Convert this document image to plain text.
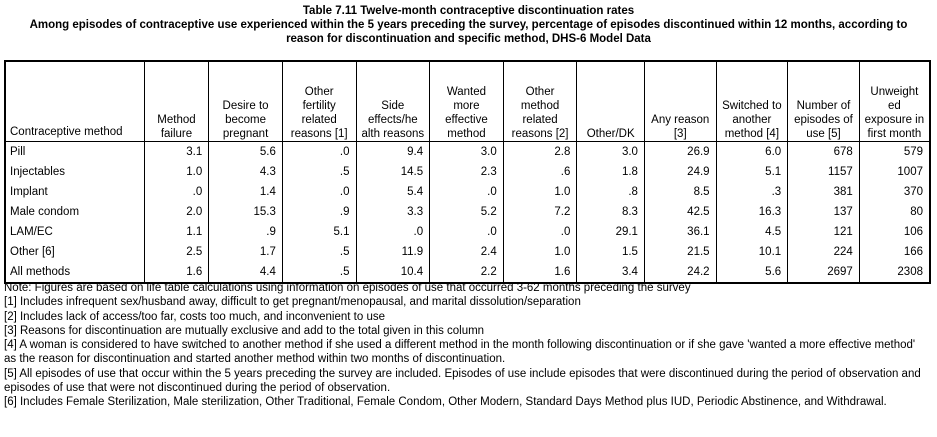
Table 7.11 Twelve-month contraceptive discontinuation rates
Among episodes of contraceptive use experienced within the 5 years preceding the survey, percentage of episodes discontinued within 12 months, according to
reason for discontinuation and specific method, DHS-6 Model Data
Contraceptive method	Method failure	Desire to become pregnant	Other fertility related reasons [1]	Side effects/he alth reasons	Wanted more effective method	Other method related reasons [2]	Other/DK	Any reason [3]	Switched to another method [4]	Number of episodes of use [5]	Unweight ed exposure in first month
Pill	3.1	5.6	.0	9.4	3.0	2.8	3.0	26.9	6.0	678	579
Injectables	1.0	4.3	.5	14.5	2.3	.6	1.8	24.9	5.1	1157	1007
Implant	.0	1.4	.0	5.4	.0	1.0	.8	8.5	.3	381	370
Male condom	2.0	15.3	.9	3.3	5.2	7.2	8.3	42.5	16.3	137	80
LAM/EC	1.1	.9	5.1	.0	.0	.0	29.1	36.1	4.5	121	106
Other [6]	2.5	1.7	.5	11.9	2.4	1.0	1.5	21.5	10.1	224	166
All methods	1.6	4.4	.5	10.4	2.2	1.6	3.4	24.2	5.6	2697	2308
Note: Figures are based on life table calculations using information on episodes of use that occurred 3-62 months preceding the survey
[1] Includes infrequent sex/husband away, difficult to get pregnant/menopausal, and marital dissolution/separation
[2] Includes lack of access/too far, costs too much, and inconvenient to use
[3] Reasons for discontinuation are mutually exclusive and add to the total given in this column
[4] A woman is considered to have switched to another method if she used a different method in the month following discontinuation or if she gave 'wanted a more effective method' as the reason for discontinuation and started another method within two months of discontinuation.
[5] All episodes of use that occur within the 5 years preceding the survey are included. Episodes of use include episodes that were discontinued during the period of observation and episodes of use that were not discontinued during the period of observation.
[6] Includes Female Sterilization, Male sterilization, Other Traditional, Female Condom, Other Modern, Standard Days Method plus IUD, Periodic Abstinence, and Withdrawal.
